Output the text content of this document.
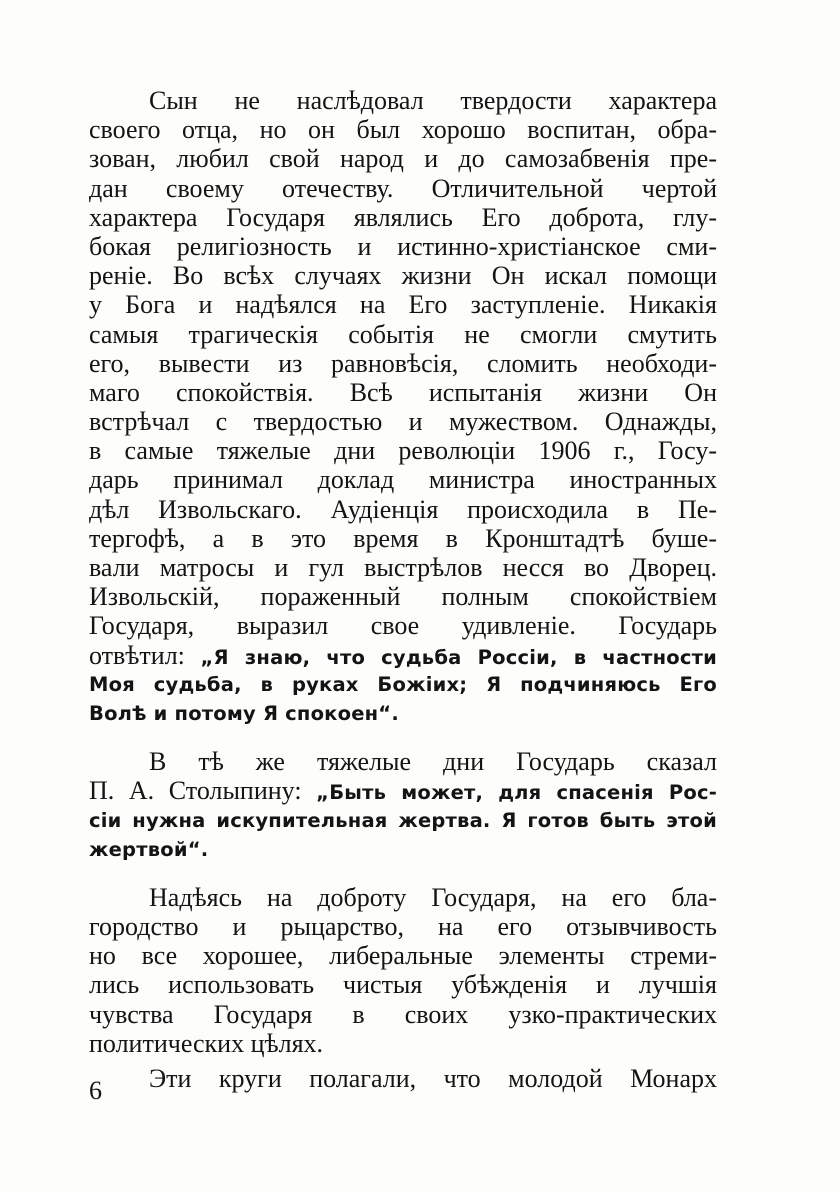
Сын не наслѣдовал твердости характера
своего отца, но он был хорошо воспитан, обра-
зован, любил свой народ и до самозабвенія пре-
дан своему отечеству. Отличительной чертой
характера Государя являлись Его доброта, глу-
бокая религіозность и истинно-христіанское сми-
реніе. Во всѣх случаях жизни Он искал помощи
у Бога и надѣялся на Его заступленіе. Никакія
самыя трагическія событія не смогли смутить
его, вывести из равновѣсія, сломить необходи-
маго спокойствія. Всѣ испытанія жизни Он
встрѣчал с твердостью и мужеством. Однажды,
в самые тяжелые дни революціи 1906 г., Госу-
дарь принимал доклад министра иностранных
дѣл Извольскаго. Аудіенція происходила в Пе-
тергофѣ, а в это время в Кронштадтѣ буше-
вали матросы и гул выстрѣлов несся во Дворец.
Извольскій, пораженный полным спокойствіем
Государя, выразил свое удивленіе. Государь
отвѣтил: „Я знаю, что судьба Россіи, в частности
Моя судьба, в руках Божіих; Я подчиняюсь Его
Волѣ и потому Я спокоен“.
В тѣ же тяжелые дни Государь сказал
П. А. Столыпину: „Быть может, для спасенія Рос-
сіи нужна искупительная жертва. Я готов быть этой
жертвой“.
Надѣясь на доброту Государя, на его бла-
городство и рыцарство, на его отзывчивость
но все хорошее, либеральные элементы стреми-
лись использовать чистыя убѣжденія и лучшія
чувства Государя в своих узко-практических
политических цѣлях.
Эти круги полагали, что молодой Монарх
6
